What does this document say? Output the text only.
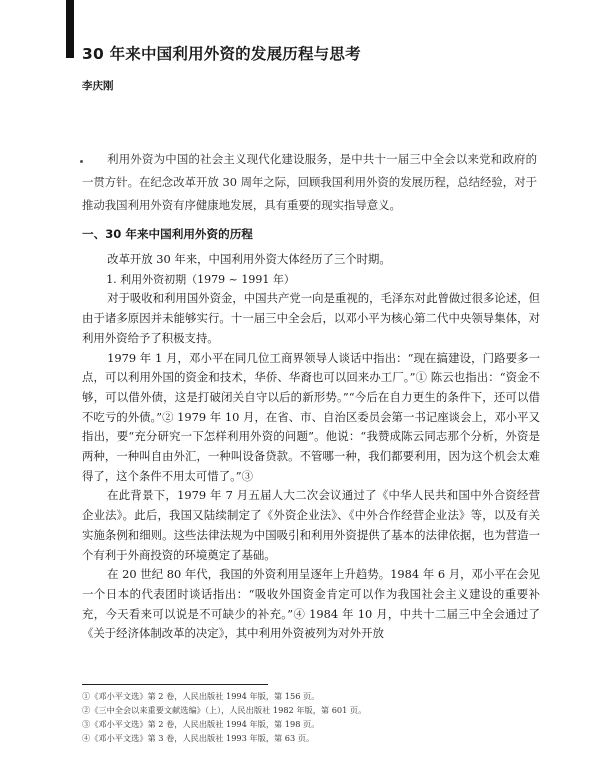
30 年来中国利用外资的发展历程与思考
李庆刚

利用外资为中国的社会主义现代化建设服务，是中共十一届三中全会以来党和政府的一贯方针。在纪念改革开放 30 周年之际，回顾我国利用外资的发展历程，总结经验，对于推动我国利用外资有序健康地发展，具有重要的现实指导意义。

一、30 年来中国利用外资的历程

改革开放 30 年来，中国利用外资大体经历了三个时期。

1. 利用外资初期（1979 ~ 1991 年）

对于吸收和利用国外资金，中国共产党一向是重视的，毛泽东对此曾做过很多论述，但由于诸多原因并未能够实行。十一届三中全会后，以邓小平为核心第二代中央领导集体，对利用外资给予了积极支持。

1979 年 1 月，邓小平在同几位工商界领导人谈话中指出：“现在搞建设，门路要多一点，可以利用外国的资金和技术，华侨、华裔也可以回来办工厂。”① 陈云也指出：“资金不够，可以借外债，这是打破闭关自守以后的新形势。”“今后在自力更生的条件下，还可以借不吃亏的外债。”② 1979 年 10 月，在省、市、自治区委员会第一书记座谈会上，邓小平又指出，要“充分研究一下怎样利用外资的问题”。他说：“我赞成陈云同志那个分析，外资是两种，一种叫自由外汇，一种叫设备贷款。不管哪一种，我们都要利用，因为这个机会太难得了，这个条件不用太可惜了。”③

在此背景下，1979 年 7 月五届人大二次会议通过了《中华人民共和国中外合资经营企业法》。此后，我国又陆续制定了《外资企业法》、《中外合作经营企业法》等，以及有关实施条例和细则。这些法律法规为中国吸引和利用外资提供了基本的法律依据，也为营造一个有利于外商投资的环境奠定了基础。

在 20 世纪 80 年代，我国的外资利用呈逐年上升趋势。1984 年 6 月，邓小平在会见一个日本的代表团时谈话指出：“吸收外国资金肯定可以作为我国社会主义建设的重要补充，今天看来可以说是不可缺少的补充。”④ 1984 年 10 月，中共十二届三中全会通过了《关于经济体制改革的决定》，其中利用外资被列为对外开放

①《邓小平文选》第 2 卷，人民出版社 1994 年版，第 156 页。
②《三中全会以来重要文献选编》（上），人民出版社 1982 年版，第 601 页。
③《邓小平文选》第 2 卷，人民出版社 1994 年版，第 198 页。
④《邓小平文选》第 3 卷，人民出版社 1993 年版，第 63 页。
